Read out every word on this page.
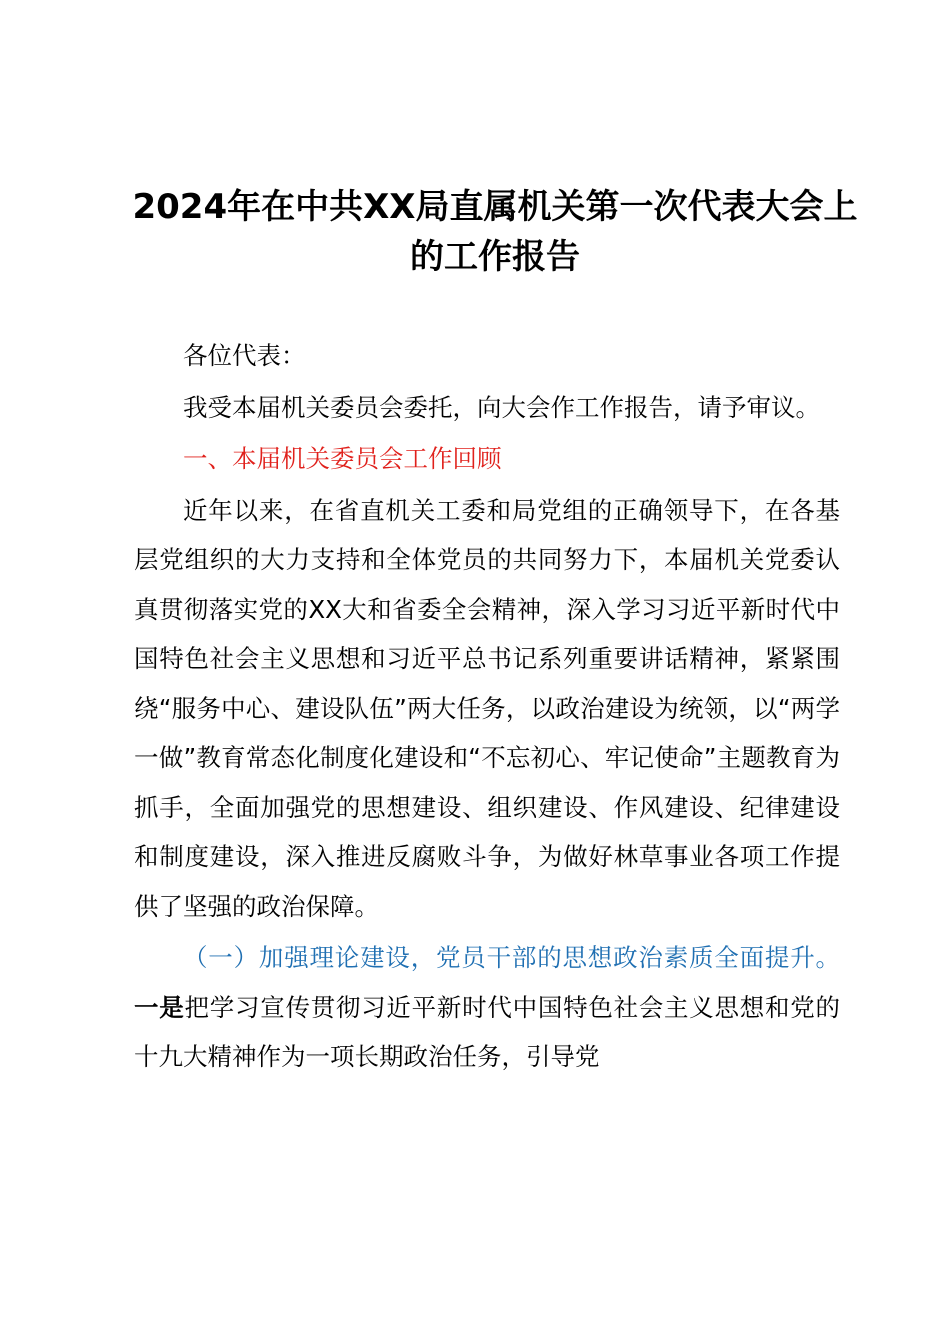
2024年在中共XX局直属机关第一次代表大会上的工作报告

各位代表：

我受本届机关委员会委托，向大会作工作报告，请予审议。

一、本届机关委员会工作回顾

近年以来，在省直机关工委和局党组的正确领导下，在各基层党组织的大力支持和全体党员的共同努力下，本届机关党委认真贯彻落实党的XX大和省委全会精神，深入学习习近平新时代中国特色社会主义思想和习近平总书记系列重要讲话精神，紧紧围绕“服务中心、建设队伍”两大任务，以政治建设为统领，以“两学一做”教育常态化制度化建设和“不忘初心、牢记使命”主题教育为抓手，全面加强党的思想建设、组织建设、作风建设、纪律建设和制度建设，深入推进反腐败斗争，为做好林草事业各项工作提供了坚强的政治保障。

（一）加强理论建设，党员干部的思想政治素质全面提升。一是把学习宣传贯彻习近平新时代中国特色社会主义思想和党的十九大精神作为一项长期政治任务，引导党
